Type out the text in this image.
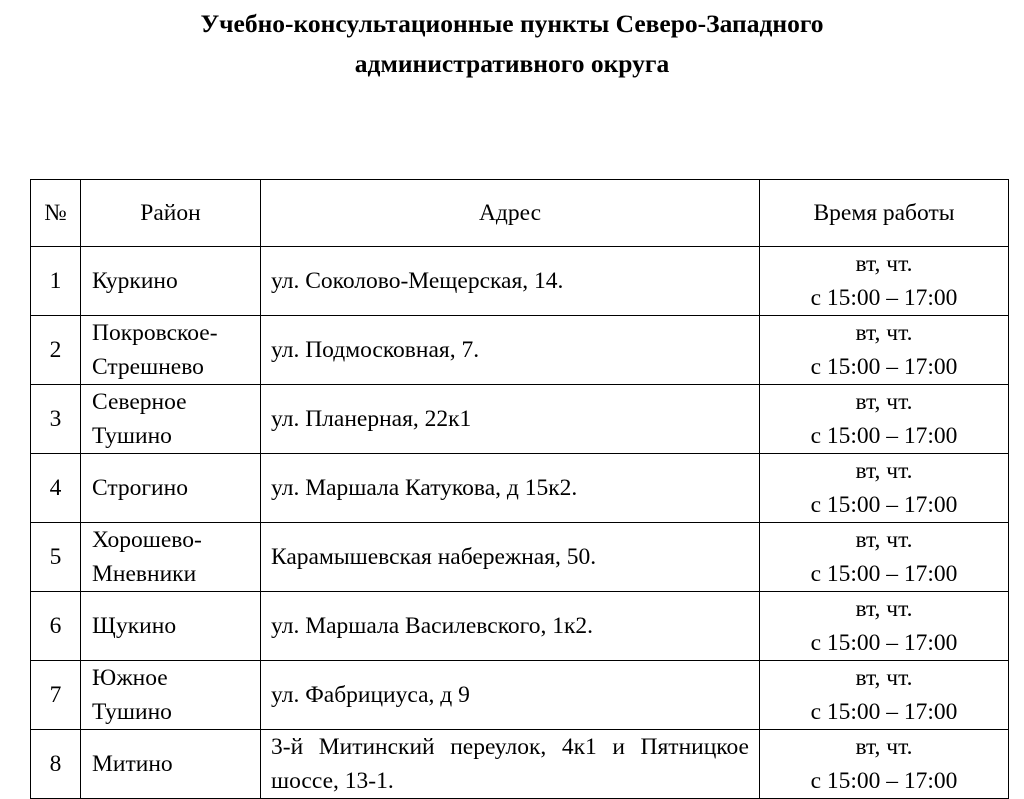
Учебно-консультационные пункты Северо-Западного
административного округа
№	Район	Адрес	Время работы
1	Куркино	ул. Соколово-Мещерская, 14.	вт, чт.
с 15:00 – 17:00

2	Покровское-
Стрешнево	ул. Подмосковная, 7.	вт, чт.
с 15:00 – 17:00

3	Северное
Тушино	ул. Планерная, 22к1	вт, чт.
с 15:00 – 17:00

4	Строгино	ул. Маршала Катукова, д 15к2.	вт, чт.
с 15:00 – 17:00

5	Хорошево-
Мневники	Карамышевская набережная, 50.	вт, чт.
с 15:00 – 17:00

6	Щукино	ул. Маршала Василевского, 1к2.	вт, чт.
с 15:00 – 17:00

7	Южное
Тушино	ул. Фабрициуса, д 9	вт, чт.
с 15:00 – 17:00

8	Митино	3-й Митинский переулок, 4к1 и Пятницкое шоссе, 13-1.	вт, чт.
с 15:00 – 17:00
